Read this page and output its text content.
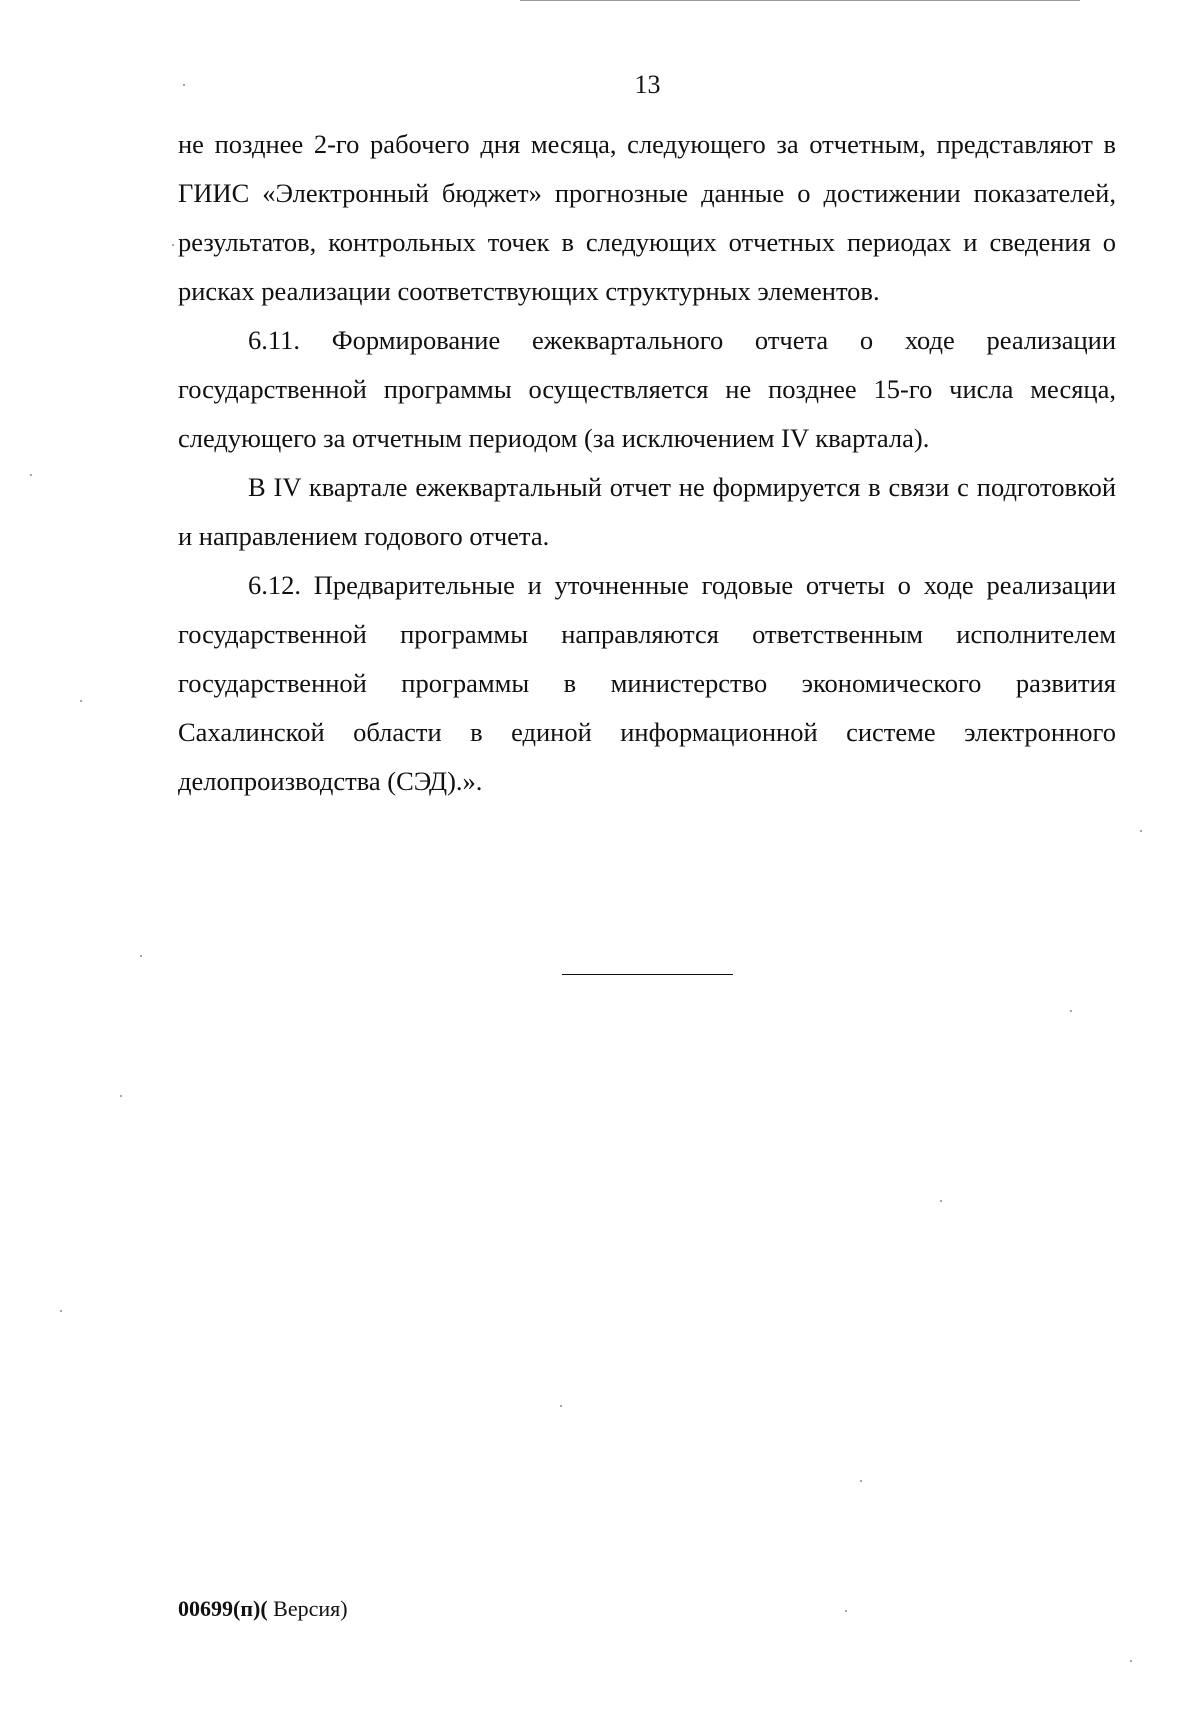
13

не позднее 2-го рабочего дня месяца, следующего за отчетным, представляют в ГИИС «Электронный бюджет» прогнозные данные о достижении показателей, результатов, контрольных точек в следующих отчетных периодах и сведения о рисках реализации соответствующих структурных элементов.

6.11. Формирование ежеквартального отчета о ходе реализации государственной программы осуществляется не позднее 15-го числа месяца, следующего за отчетным периодом (за исключением IV квартала).

В IV квартале ежеквартальный отчет не формируется в связи с подготовкой и направлением годового отчета.

6.12. Предварительные и уточненные годовые отчеты о ходе реализации государственной программы направляются ответственным исполнителем государственной программы в министерство экономического развития Сахалинской области в единой информационной системе электронного делопроизводства (СЭД).».

00699(п)( Версия)
